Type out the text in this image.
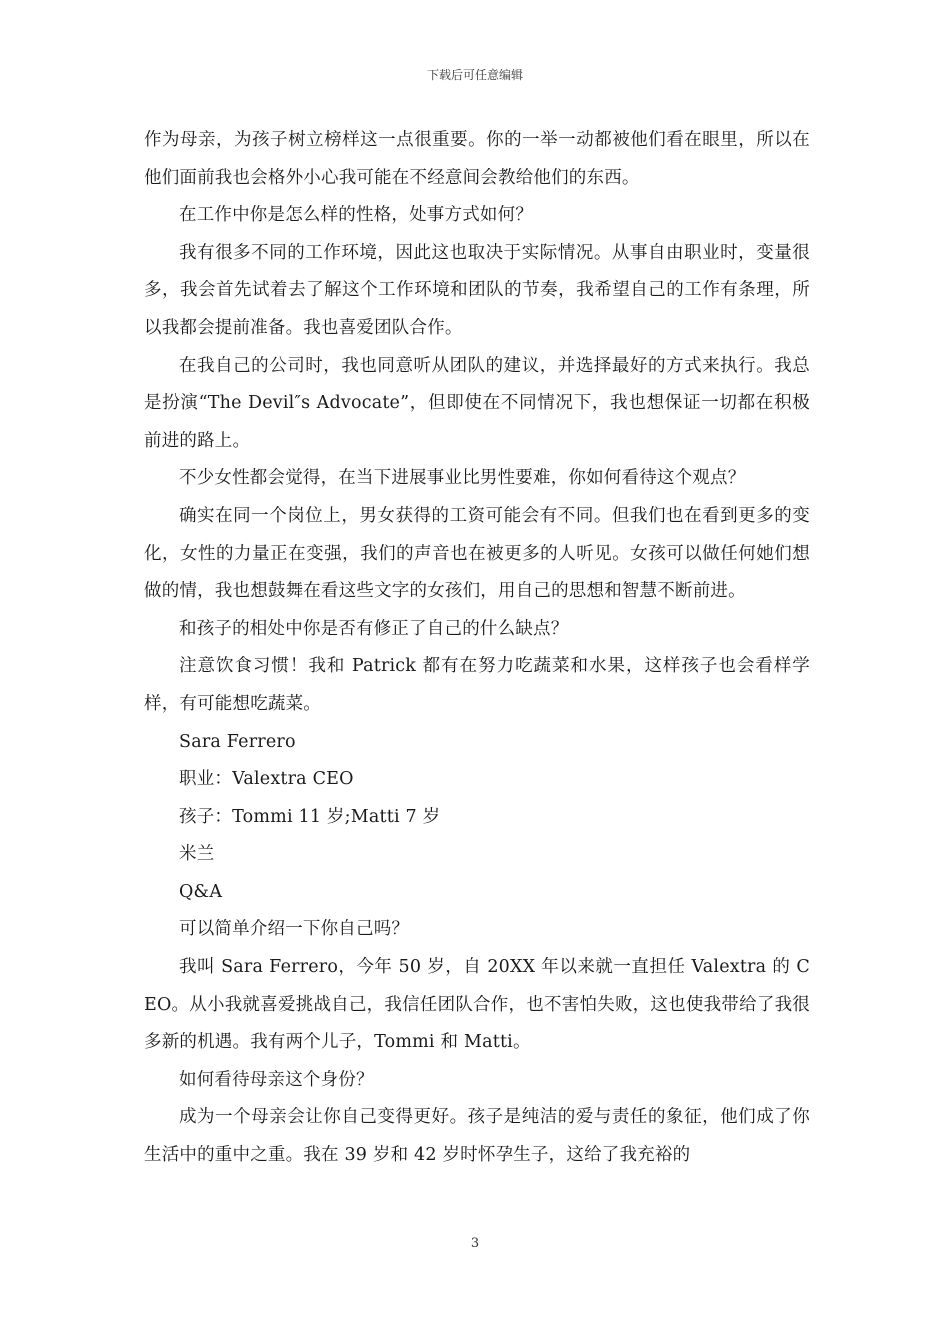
下载后可任意编辑

作为母亲，为孩子树立榜样这一点很重要。你的一举一动都被他们看在眼里，所以在他们面前我也会格外小心我可能在不经意间会教给他们的东西。

在工作中你是怎么样的性格，处事方式如何？

我有很多不同的工作环境，因此这也取决于实际情况。从事自由职业时，变量很多，我会首先试着去了解这个工作环境和团队的节奏，我希望自己的工作有条理，所以我都会提前准备。我也喜爱团队合作。

在我自己的公司时，我也同意听从团队的建议，并选择最好的方式来执行。我总是扮演“The Devil″s Advocate”，但即使在不同情况下，我也想保证一切都在积极前进的路上。

不少女性都会觉得，在当下进展事业比男性要难，你如何看待这个观点？

确实在同一个岗位上，男女获得的工资可能会有不同。但我们也在看到更多的变化，女性的力量正在变强，我们的声音也在被更多的人听见。女孩可以做任何她们想做的情，我也想鼓舞在看这些文字的女孩们，用自己的思想和智慧不断前进。

和孩子的相处中你是否有修正了自己的什么缺点？

注意饮食习惯！我和 Patrick 都有在努力吃蔬菜和水果，这样孩子也会看样学样，有可能想吃蔬菜。

Sara Ferrero

职业：Valextra CEO

孩子：Tommi 11 岁;Matti 7 岁

米兰

Q&A

可以简单介绍一下你自己吗？

我叫 Sara Ferrero，今年 50 岁，自 20XX 年以来就一直担任 Valextra 的 CEO。从小我就喜爱挑战自己，我信任团队合作，也不害怕失败，这也使我带给了我很多新的机遇。我有两个儿子，Tommi 和 Matti。

如何看待母亲这个身份？

成为一个母亲会让你自己变得更好。孩子是纯洁的爱与责任的象征，他们成了你生活中的重中之重。我在 39 岁和 42 岁时怀孕生子，这给了我充裕的

3
